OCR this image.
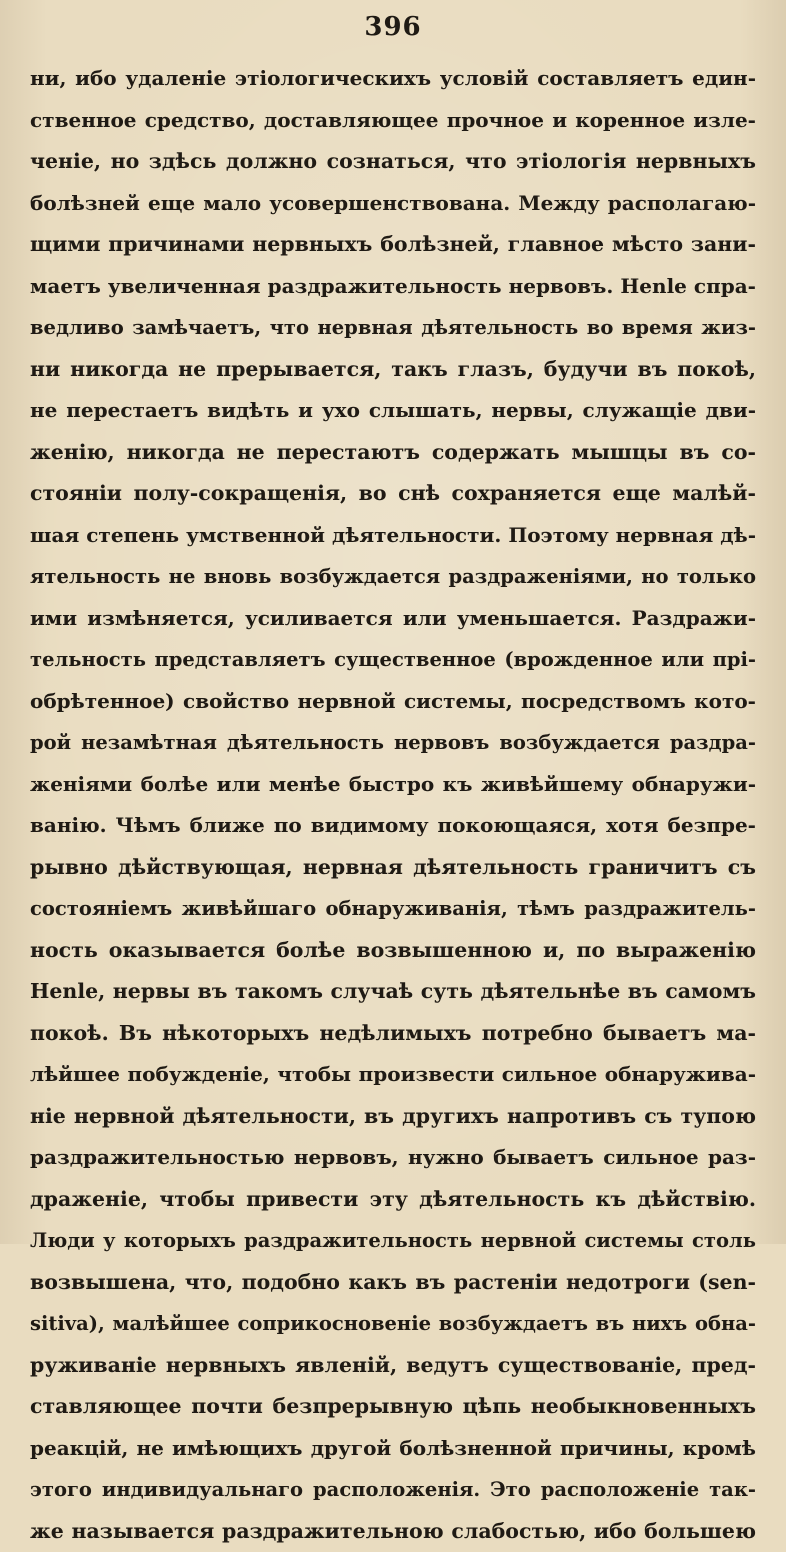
396
ни, ибо удаленіе этіологическихъ условій составляетъ един-
ственное средство, доставляющее прочное и коренное изле-
ченіе, но здѣсь должно сознаться, что этіологія нервныхъ
болѣзней еще мало усовершенствована. Между располагаю-
щими причинами нервныхъ болѣзней, главное мѣсто зани-
маетъ увеличенная раздражительность нервовъ. Henle спра-
ведливо замѣчаетъ, что нервная дѣятельность во время жиз-
ни никогда не прерывается, такъ глазъ, будучи въ покоѣ,
не перестаетъ видѣть и ухо слышать, нервы, служащіе дви-
женію, никогда не перестаютъ содержать мышцы въ со-
стояніи полу-сокращенія, во снѣ сохраняется еще малѣй-
шая степень умственной дѣятельности. Поэтому нервная дѣ-
ятельность не вновь возбуждается раздраженіями, но только
ими измѣняется, усиливается или уменьшается. Раздражи-
тельность представляетъ существенное (врожденное или прі-
обрѣтенное) свойство нервной системы, посредствомъ кото-
рой незамѣтная дѣятельность нервовъ возбуждается раздра-
женіями болѣе или менѣе быстро къ живѣйшему обнаружи-
ванію. Чѣмъ ближе по видимому покоющаяся, хотя безпре-
рывно дѣйствующая, нервная дѣятельность граничитъ съ
состояніемъ живѣйшаго обнаруживанія, тѣмъ раздражитель-
ность оказывается болѣе возвышенною и, по выраженію
Henle, нервы въ такомъ случаѣ суть дѣятельнѣе въ самомъ
покоѣ. Въ нѣкоторыхъ недѣлимыхъ потребно бываетъ ма-
лѣйшее побужденіе, чтобы произвести сильное обнаружива-
ніе нервной дѣятельности, въ другихъ напротивъ съ тупою
раздражительностью нервовъ, нужно бываетъ сильное раз-
драженіе, чтобы привести эту дѣятельность къ дѣйствію.
Люди у которыхъ раздражительность нервной системы столь
возвышена, что, подобно какъ въ растеніи недотроги (sen-
sitiva), малѣйшее соприкосновеніе возбуждаетъ въ нихъ обна-
руживаніе нервныхъ явленій, ведутъ существованіе, пред-
ставляющее почти безпрерывную цѣпь необыкновенныхъ
реакцій, не имѣющихъ другой болѣзненной причины, кромѣ
этого индивидуальнаго расположенія. Это расположеніе так-
же называется раздражительною слабостью, ибо большею
